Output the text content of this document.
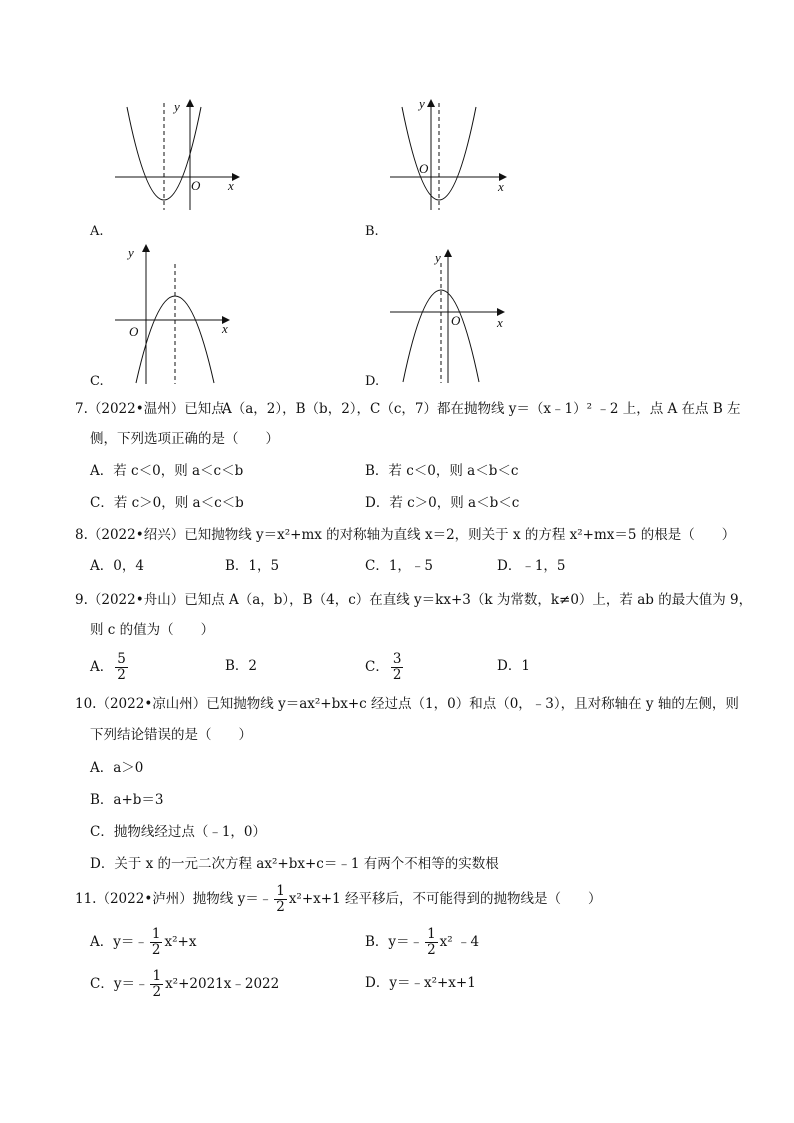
x
y
O
A.
x
y
O
B.
x
y
O
C.
x
y
O
D.
7.（2022•温州）已知点
A（a，2），B（b，2），C（c，7）都在抛物线 y＝（x﹣1）² ﹣2 上，点 A 在点 B 左
侧，下列选项正确的是（　　）
A．若 c＜0，则 a＜c＜b	B．若 c＜0，则 a＜b＜c
C．若 c＞0，则 a＜c＜b	D．若 c＞0，则 a＜b＜c
8.（2022•绍兴）已知抛物线 y＝x²+mx 的对称轴为直线 x＝2，则关于 x 的方程 x²+mx＝5 的根是（　　）
A．0，4	B．1，5	C．1，﹣5	D．﹣1，5
9.（2022•舟山）已知点 A（a，b），B（4，c）在直线 y＝kx+3（k 为常数，k≠0）上，若 ab 的最大值为 9，
则 c 的值为（　　）
A． $\frac{5}{2}$	B．2	C． $\frac{3}{2}$	D．1
10.（2022•凉山州）已知抛物线 y＝ax²+bx+c 经过点（1，0）和点（0，﹣3），且对称轴在 y 轴的左侧，则
下列结论错误的是（　　）
A．a＞0
B．a+b＝3
C．抛物线经过点（﹣1，0）
D．关于 x 的一元二次方程 ax²+bx+c＝﹣1 有两个不相等的实数根
11.（2022•泸州）抛物线 y＝﹣ $\frac{1}{2} x^2+x+1$ 经平移后，不可能得到的抛物线是（　　）
A．y＝﹣ $\frac{1}{2} x^2+x$	B．y＝﹣ $\frac{1}{2} x^2$ ﹣4
C．y＝﹣ $\frac{1}{2}$ x²+2021x﹣2022	D．y＝﹣x²+x+1
